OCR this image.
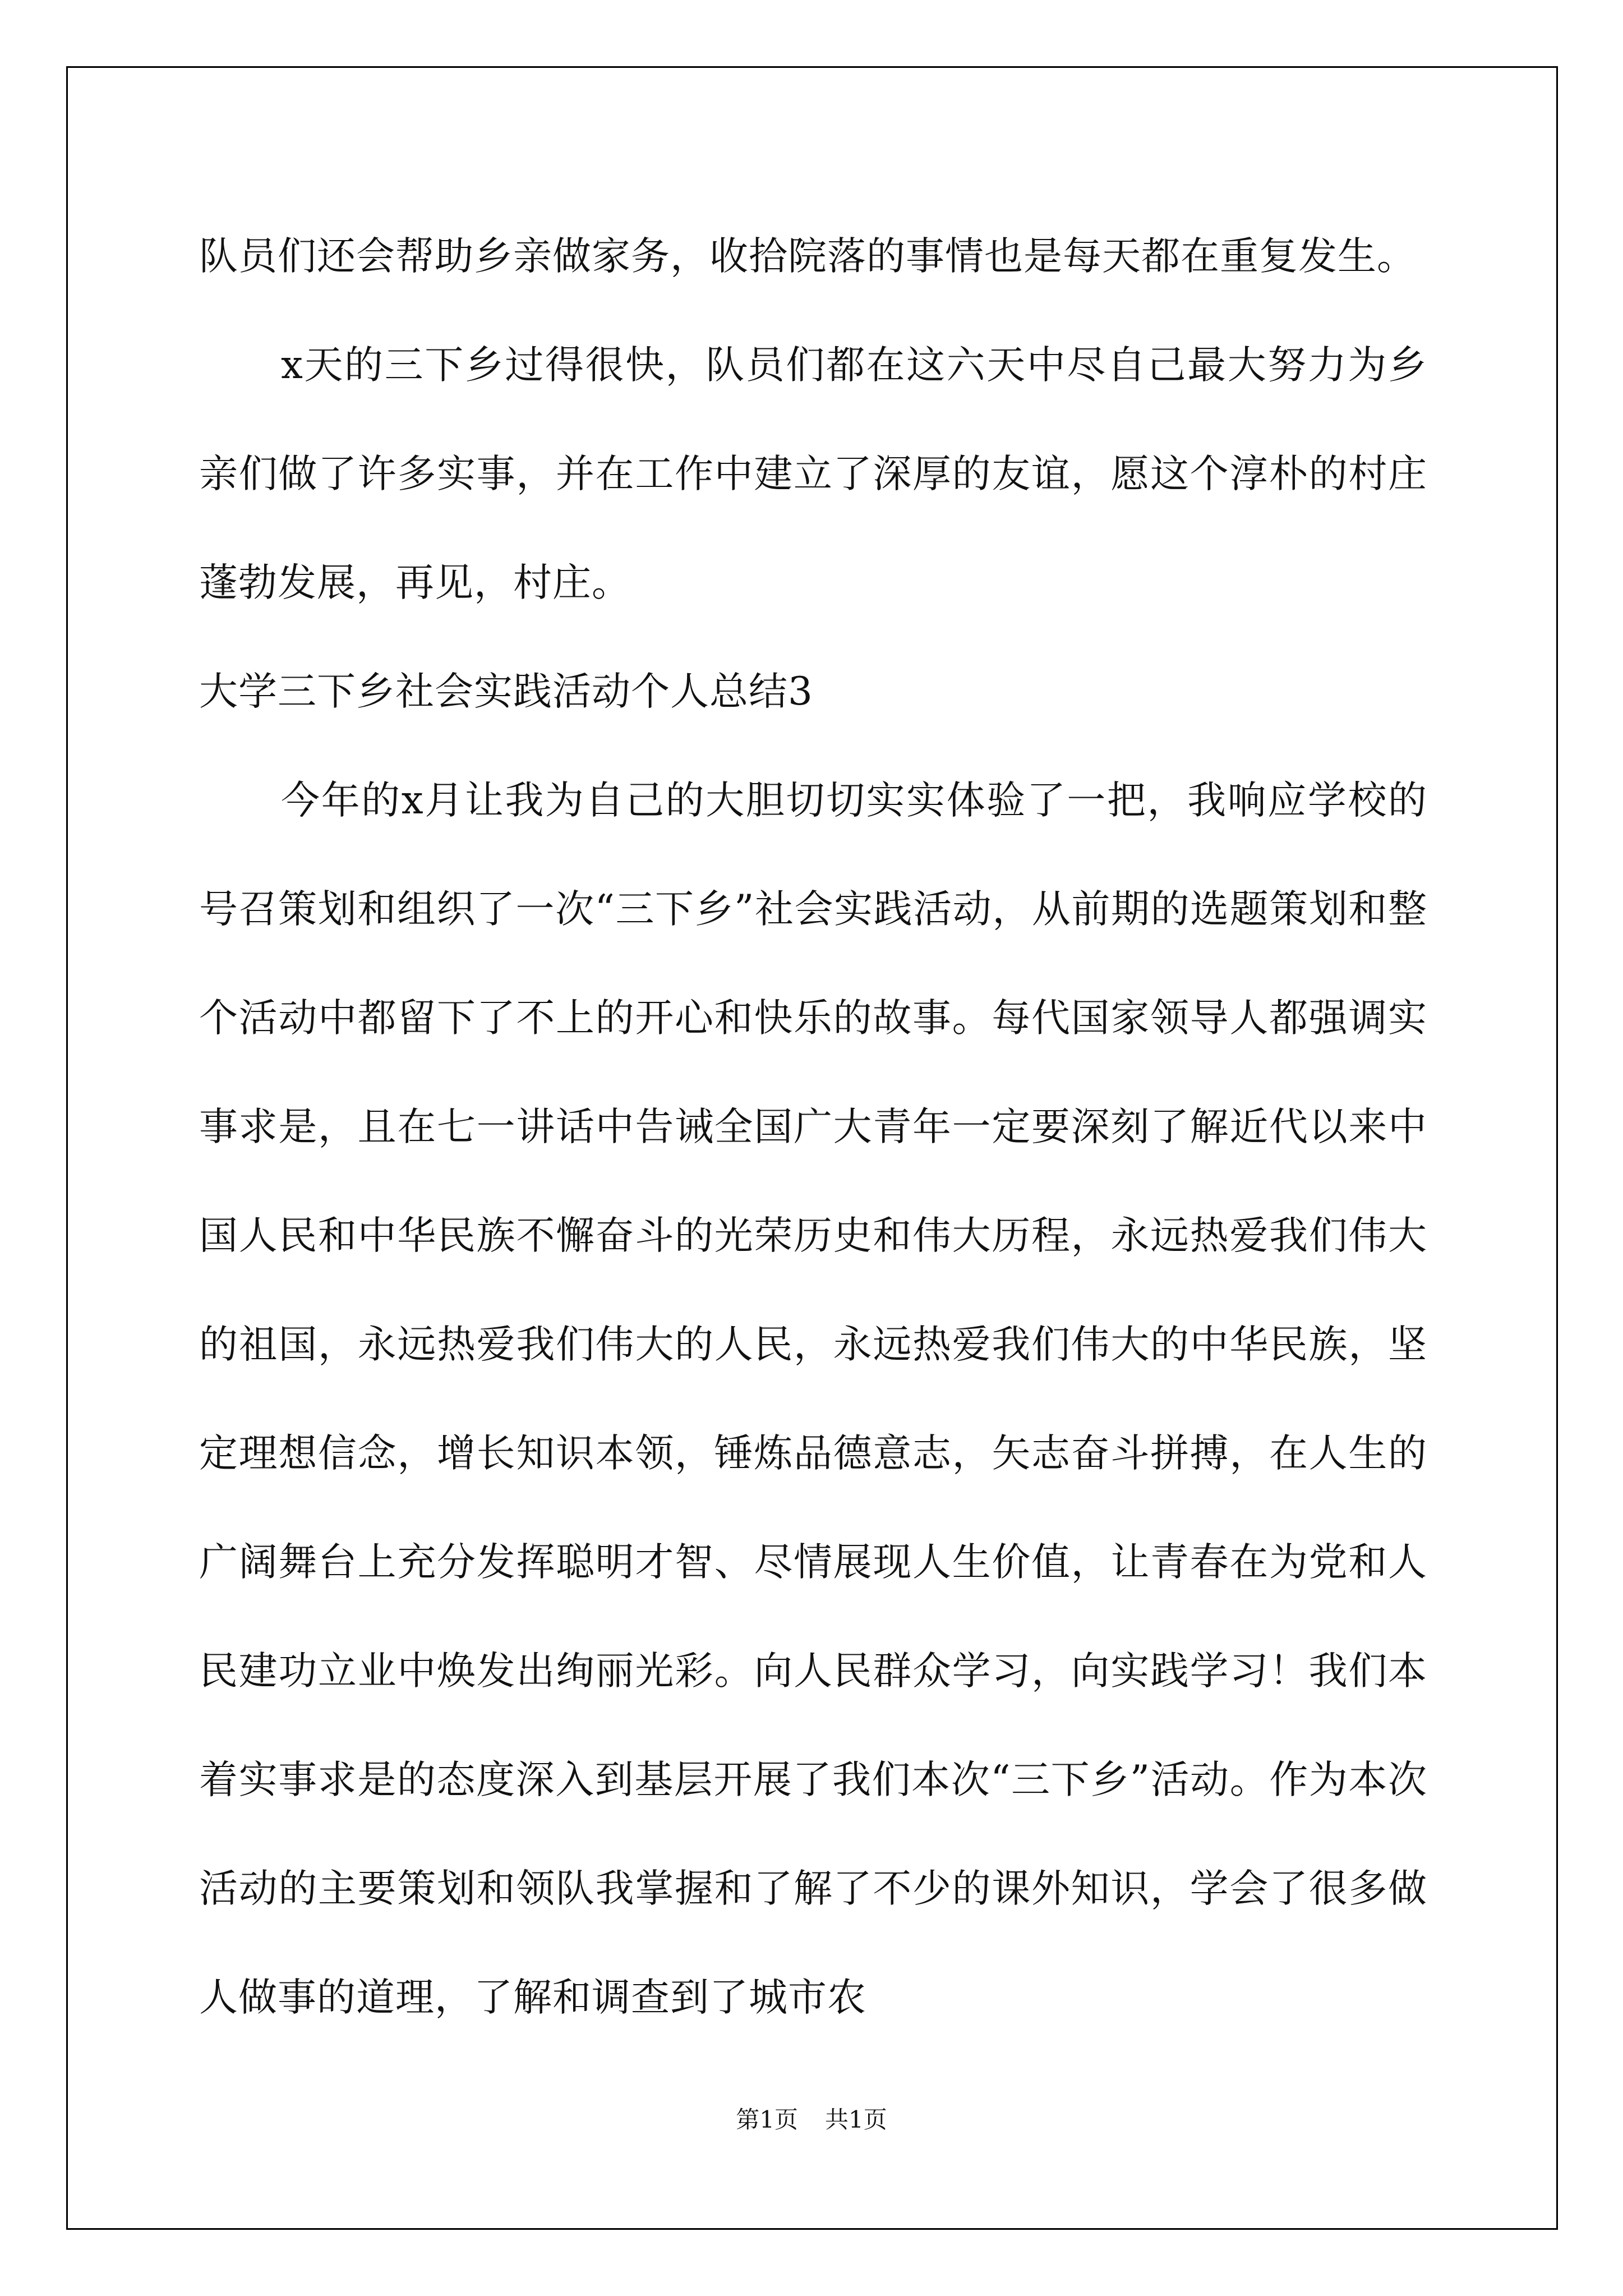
队员们还会帮助乡亲做家务，收拾院落的事情也是每天都在重复发生。

x天的三下乡过得很快，队员们都在这六天中尽自己最大努力为乡亲们做了许多实事，并在工作中建立了深厚的友谊，愿这个淳朴的村庄蓬勃发展，再见，村庄。

大学三下乡社会实践活动个人总结3

今年的x月让我为自己的大胆切切实实体验了一把，我响应学校的号召策划和组织了一次“三下乡”社会实践活动，从前期的选题策划和整个活动中都留下了不上的开心和快乐的故事。每代国家领导人都强调实事求是，且在七一讲话中告诫全国广大青年一定要深刻了解近代以来中国人民和中华民族不懈奋斗的光荣历史和伟大历程，永远热爱我们伟大的祖国，永远热爱我们伟大的人民，永远热爱我们伟大的中华民族，坚定理想信念，增长知识本领，锤炼品德意志，矢志奋斗拼搏，在人生的广阔舞台上充分发挥聪明才智、尽情展现人生价值，让青春在为党和人民建功立业中焕发出绚丽光彩。向人民群众学习，向实践学习！我们本着实事求是的态度深入到基层开展了我们本次“三下乡”活动。作为本次活动的主要策划和领队我掌握和了解了不少的课外知识，学会了很多做人做事的道理，了解和调查到了城市农

第1页 共1页
